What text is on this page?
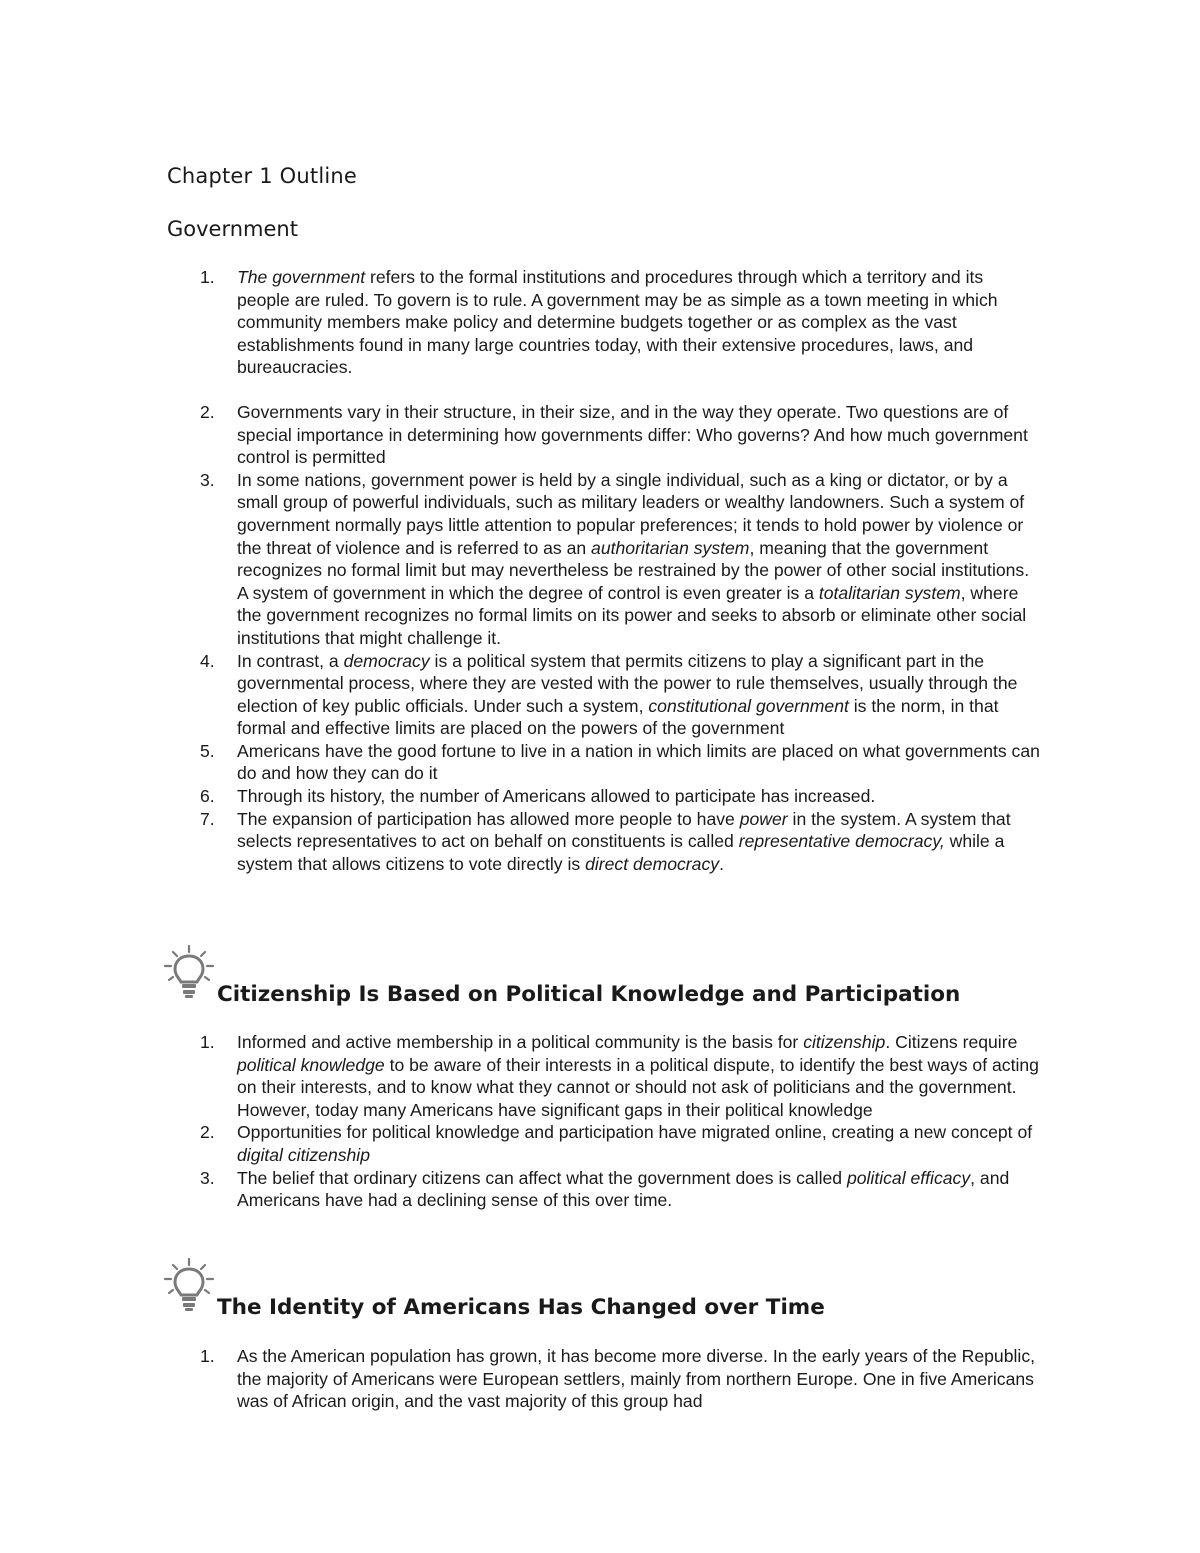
Chapter 1 Outline
Government
1. The government refers to the formal institutions and procedures through which a territory and its people are ruled. To govern is to rule. A government may be as simple as a town meeting in which community members make policy and determine budgets together or as complex as the vast establishments found in many large countries today, with their extensive procedures, laws, and bureaucracies.
2. Governments vary in their structure, in their size, and in the way they operate. Two questions are of special importance in determining how governments differ: Who governs? And how much government control is permitted
3. In some nations, government power is held by a single individual, such as a king or dictator, or by a small group of powerful individuals, such as military leaders or wealthy landowners. Such a system of government normally pays little attention to popular preferences; it tends to hold power by violence or the threat of violence and is referred to as an authoritarian system, meaning that the government recognizes no formal limit but may nevertheless be restrained by the power of other social institutions. A system of government in which the degree of control is even greater is a totalitarian system, where the government recognizes no formal limits on its power and seeks to absorb or eliminate other social institutions that might challenge it.
4. In contrast, a democracy is a political system that permits citizens to play a significant part in the governmental process, where they are vested with the power to rule themselves, usually through the election of key public officials. Under such a system, constitutional government is the norm, in that formal and effective limits are placed on the powers of the government
5. Americans have the good fortune to live in a nation in which limits are placed on what governments can do and how they can do it
6. Through its history, the number of Americans allowed to participate has increased.
7. The expansion of participation has allowed more people to have power in the system. A system that selects representatives to act on behalf on constituents is called representative democracy, while a system that allows citizens to vote directly is direct democracy.
Citizenship Is Based on Political Knowledge and Participation
1. Informed and active membership in a political community is the basis for citizenship. Citizens require political knowledge to be aware of their interests in a political dispute, to identify the best ways of acting on their interests, and to know what they cannot or should not ask of politicians and the government. However, today many Americans have significant gaps in their political knowledge
2. Opportunities for political knowledge and participation have migrated online, creating a new concept of digital citizenship
3. The belief that ordinary citizens can affect what the government does is called political efficacy, and Americans have had a declining sense of this over time.
The Identity of Americans Has Changed over Time
1. As the American population has grown, it has become more diverse. In the early years of the Republic, the majority of Americans were European settlers, mainly from northern Europe. One in five Americans was of African origin, and the vast majority of this group had
